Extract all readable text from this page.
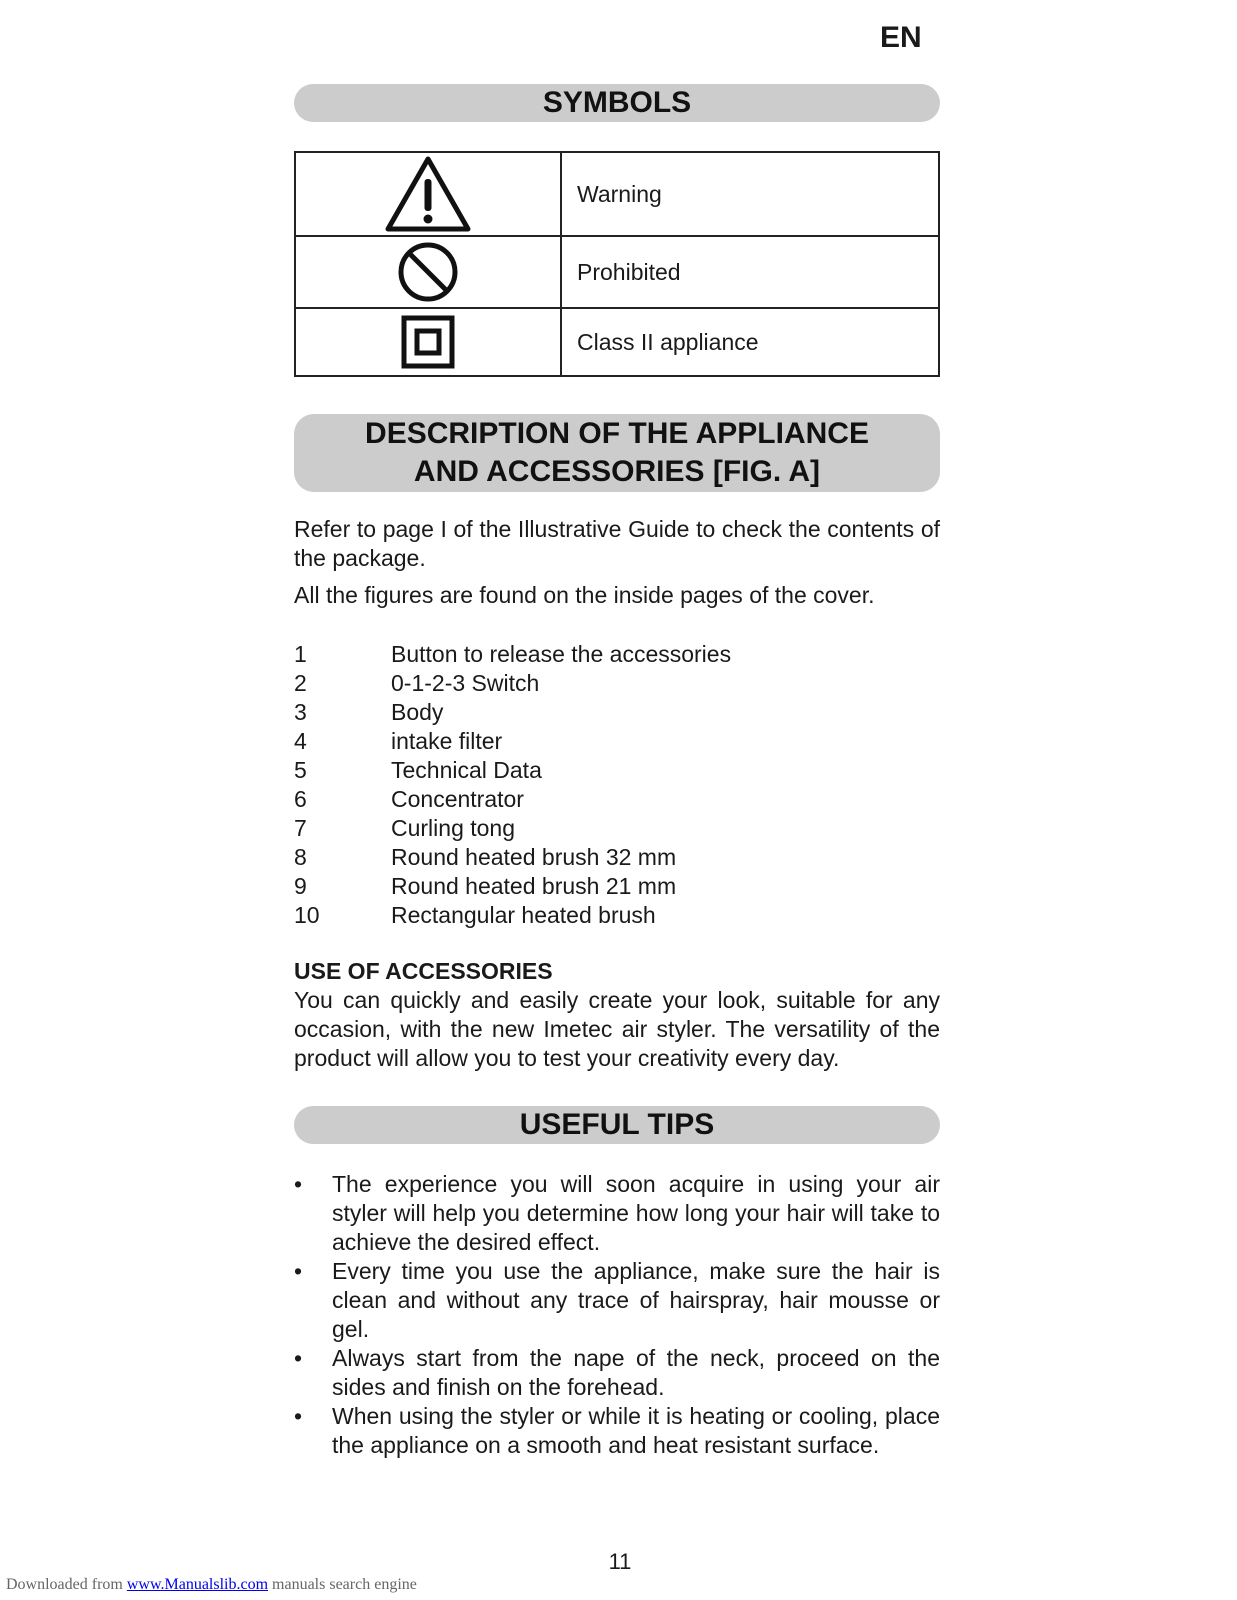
EN
SYMBOLS
	Warning

	Prohibited

	Class II appliance
DESCRIPTION OF THE APPLIANCE
AND ACCESSORIES [FIG. A]

Refer to page I of the Illustrative Guide to check the contents of the package.

All the figures are found on the inside pages of the cover.

1	Button to release the accessories
2	0-1-2-3 Switch
3	Body
4	intake filter
5	Technical Data
6	Concentrator
7	Curling tong
8	Round heated brush 32 mm
9	Round heated brush 21 mm
10	Rectangular heated brush
USE OF ACCESSORIES

You can quickly and easily create your look, suitable for any occasion, with the new Imetec air styler. The versatility of the product will allow you to test your creativity every day.

USEFUL TIPS
•	The experience you will soon acquire in using your air styler will help you determine how long your hair will take to achieve the desired effect.
•	Every time you use the appliance, make sure the hair is clean and without any trace of hairspray, hair mousse or gel.
•	Always start from the nape of the neck, proceed on the sides and finish on the forehead.
•	When using the styler or while it is heating or cooling, place the appliance on a smooth and heat resistant surface.
11
Downloaded from www.Manualslib.com manuals search engine
